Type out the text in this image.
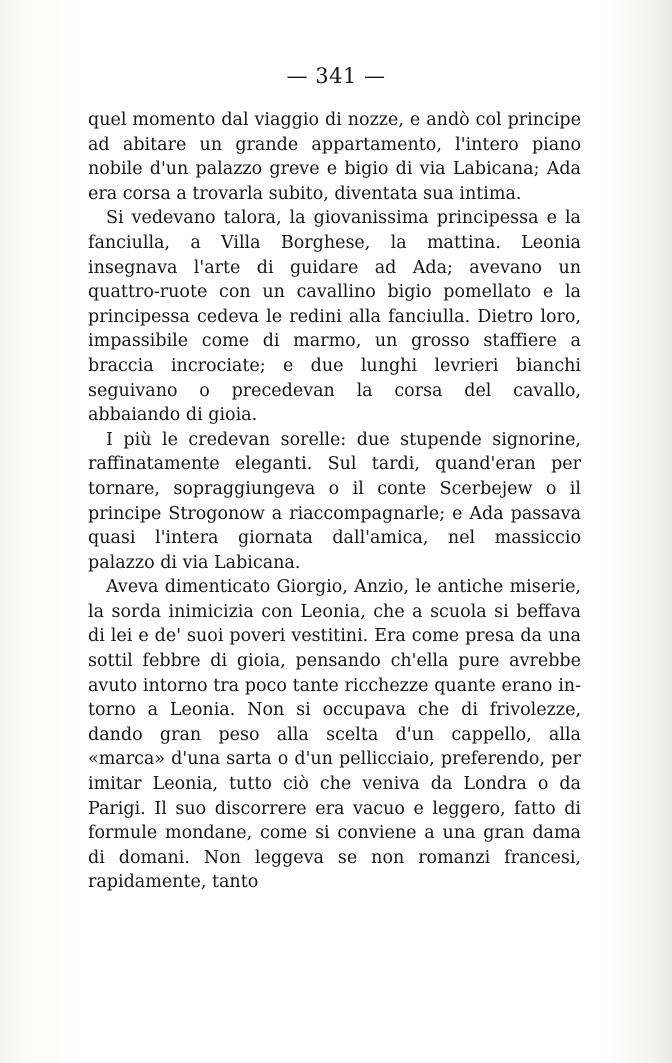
— 341 —

quel momento dal viaggio di nozze, e andò col principe ad abitare un grande appartamento, l'intero piano nobile d'un palazzo greve e bigio di via Labicana; Ada era corsa a trovarla subito, diventata sua intima.

Si vedevano talora, la giovanissima principessa e la fanciulla, a Villa Borghese, la mattina. Leonia insegnava l'arte di guidare ad Ada; avevano un quattro-ruote con un cavallino bigio pomellato e la principessa cedeva le redini alla fanciulla. Dietro loro, impassibile come di marmo, un grosso staffiere a braccia incrociate; e due lunghi levrieri bianchi seguivano o precedevan la corsa del cavallo, abbaiando di gioia.

I più le credevan sorelle: due stupende signorine, raffinatamente eleganti. Sul tardi, quand'eran per tornare, sopraggiungeva o il conte Scerbejew o il principe Strogonow a riaccompagnarle; e Ada passava quasi l'intera giornata dall'amica, nel massiccio palazzo di via Labicana.

Aveva dimenticato Giorgio, Anzio, le antiche miserie, la sorda inimicizia con Leonia, che a scuola si beffava di lei e de' suoi poveri vestitini. Era come presa da una sottil febbre di gioia, pensando ch'ella pure avrebbe avuto intorno tra poco tante ricchezze quante erano intorno a Leonia. Non si occupava che di frivolezze, dando gran peso alla scelta d'un cappello, alla «marca» d'una sarta o d'un pellicciaio, preferendo, per imitar Leonia, tutto ciò che veniva da Londra o da Parigi. Il suo discorrere era vacuo e leggero, fatto di formule mondane, come si conviene a una gran dama di domani. Non leggeva se non romanzi francesi, rapidamente, tanto
